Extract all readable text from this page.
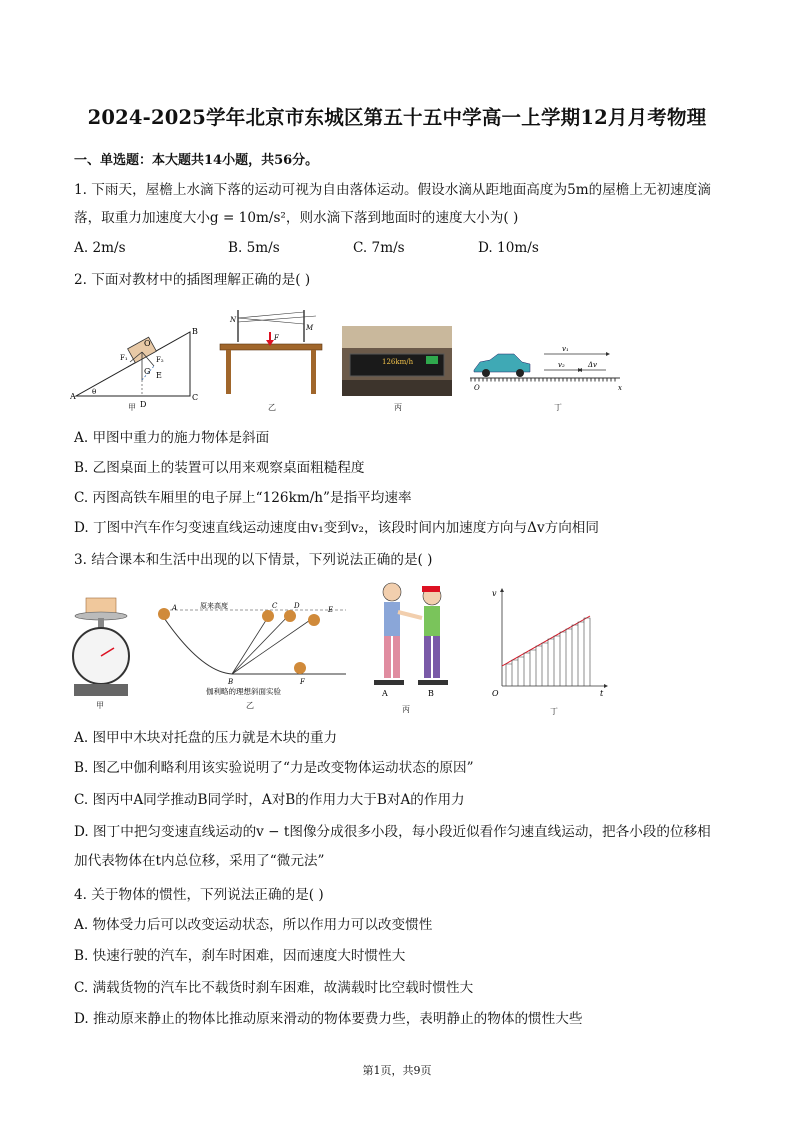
2024-2025学年北京市东城区第五十五中学高一上学期12月月考物理
一、单选题：本大题共14小题，共56分。
1. 下雨天，屋檐上水滴下落的运动可视为自由落体运动。假设水滴从距地面高度为5m的屋檐上无初速度滴
落，取重力加速度大小g = 10m/s²，则水滴下落到地面时的速度大小为( )
A. 2m/s	B. 5m/s	C. 7m/s	D. 10m/s
2. 下面对教材中的插图理解正确的是( )
A
B
C
D
E
O
G
F₁	F₂
θ
甲
N
M
F
乙
126km/h
丙
v₁
v₂	Δv
O	x
丁
A. 甲图中重力的施力物体是斜面
B. 乙图桌面上的装置可以用来观察桌面粗糙程度
C. 丙图高铁车厢里的电子屏上“126km/h”是指平均速率
D. 丁图中汽车作匀变速直线运动速度由v₁变到v₂，该段时间内加速度方向与Δv方向相同
3. 结合课本和生活中出现的以下情景，下列说法正确的是( )
甲
原来高度
A
B
C D	E
F
伽利略的理想斜面实验
乙
A	B
丙
v
t
O
丁
A. 图甲中木块对托盘的压力就是木块的重力
B. 图乙中伽利略利用该实验说明了“力是改变物体运动状态的原因”
C. 图丙中A同学推动B同学时，A对B的作用力大于B对A的作用力
D. 图丁中把匀变速直线运动的v − t图像分成很多小段，每小段近似看作匀速直线运动，把各小段的位移相
加代表物体在t内总位移，采用了“微元法”
4. 关于物体的惯性，下列说法正确的是( )
A. 物体受力后可以改变运动状态，所以作用力可以改变惯性
B. 快速行驶的汽车，刹车时困难，因而速度大时惯性大
C. 满载货物的汽车比不载货时刹车困难，故满载时比空载时惯性大
D. 推动原来静止的物体比推动原来滑动的物体要费力些，表明静止的物体的惯性大些
第1页，共9页
